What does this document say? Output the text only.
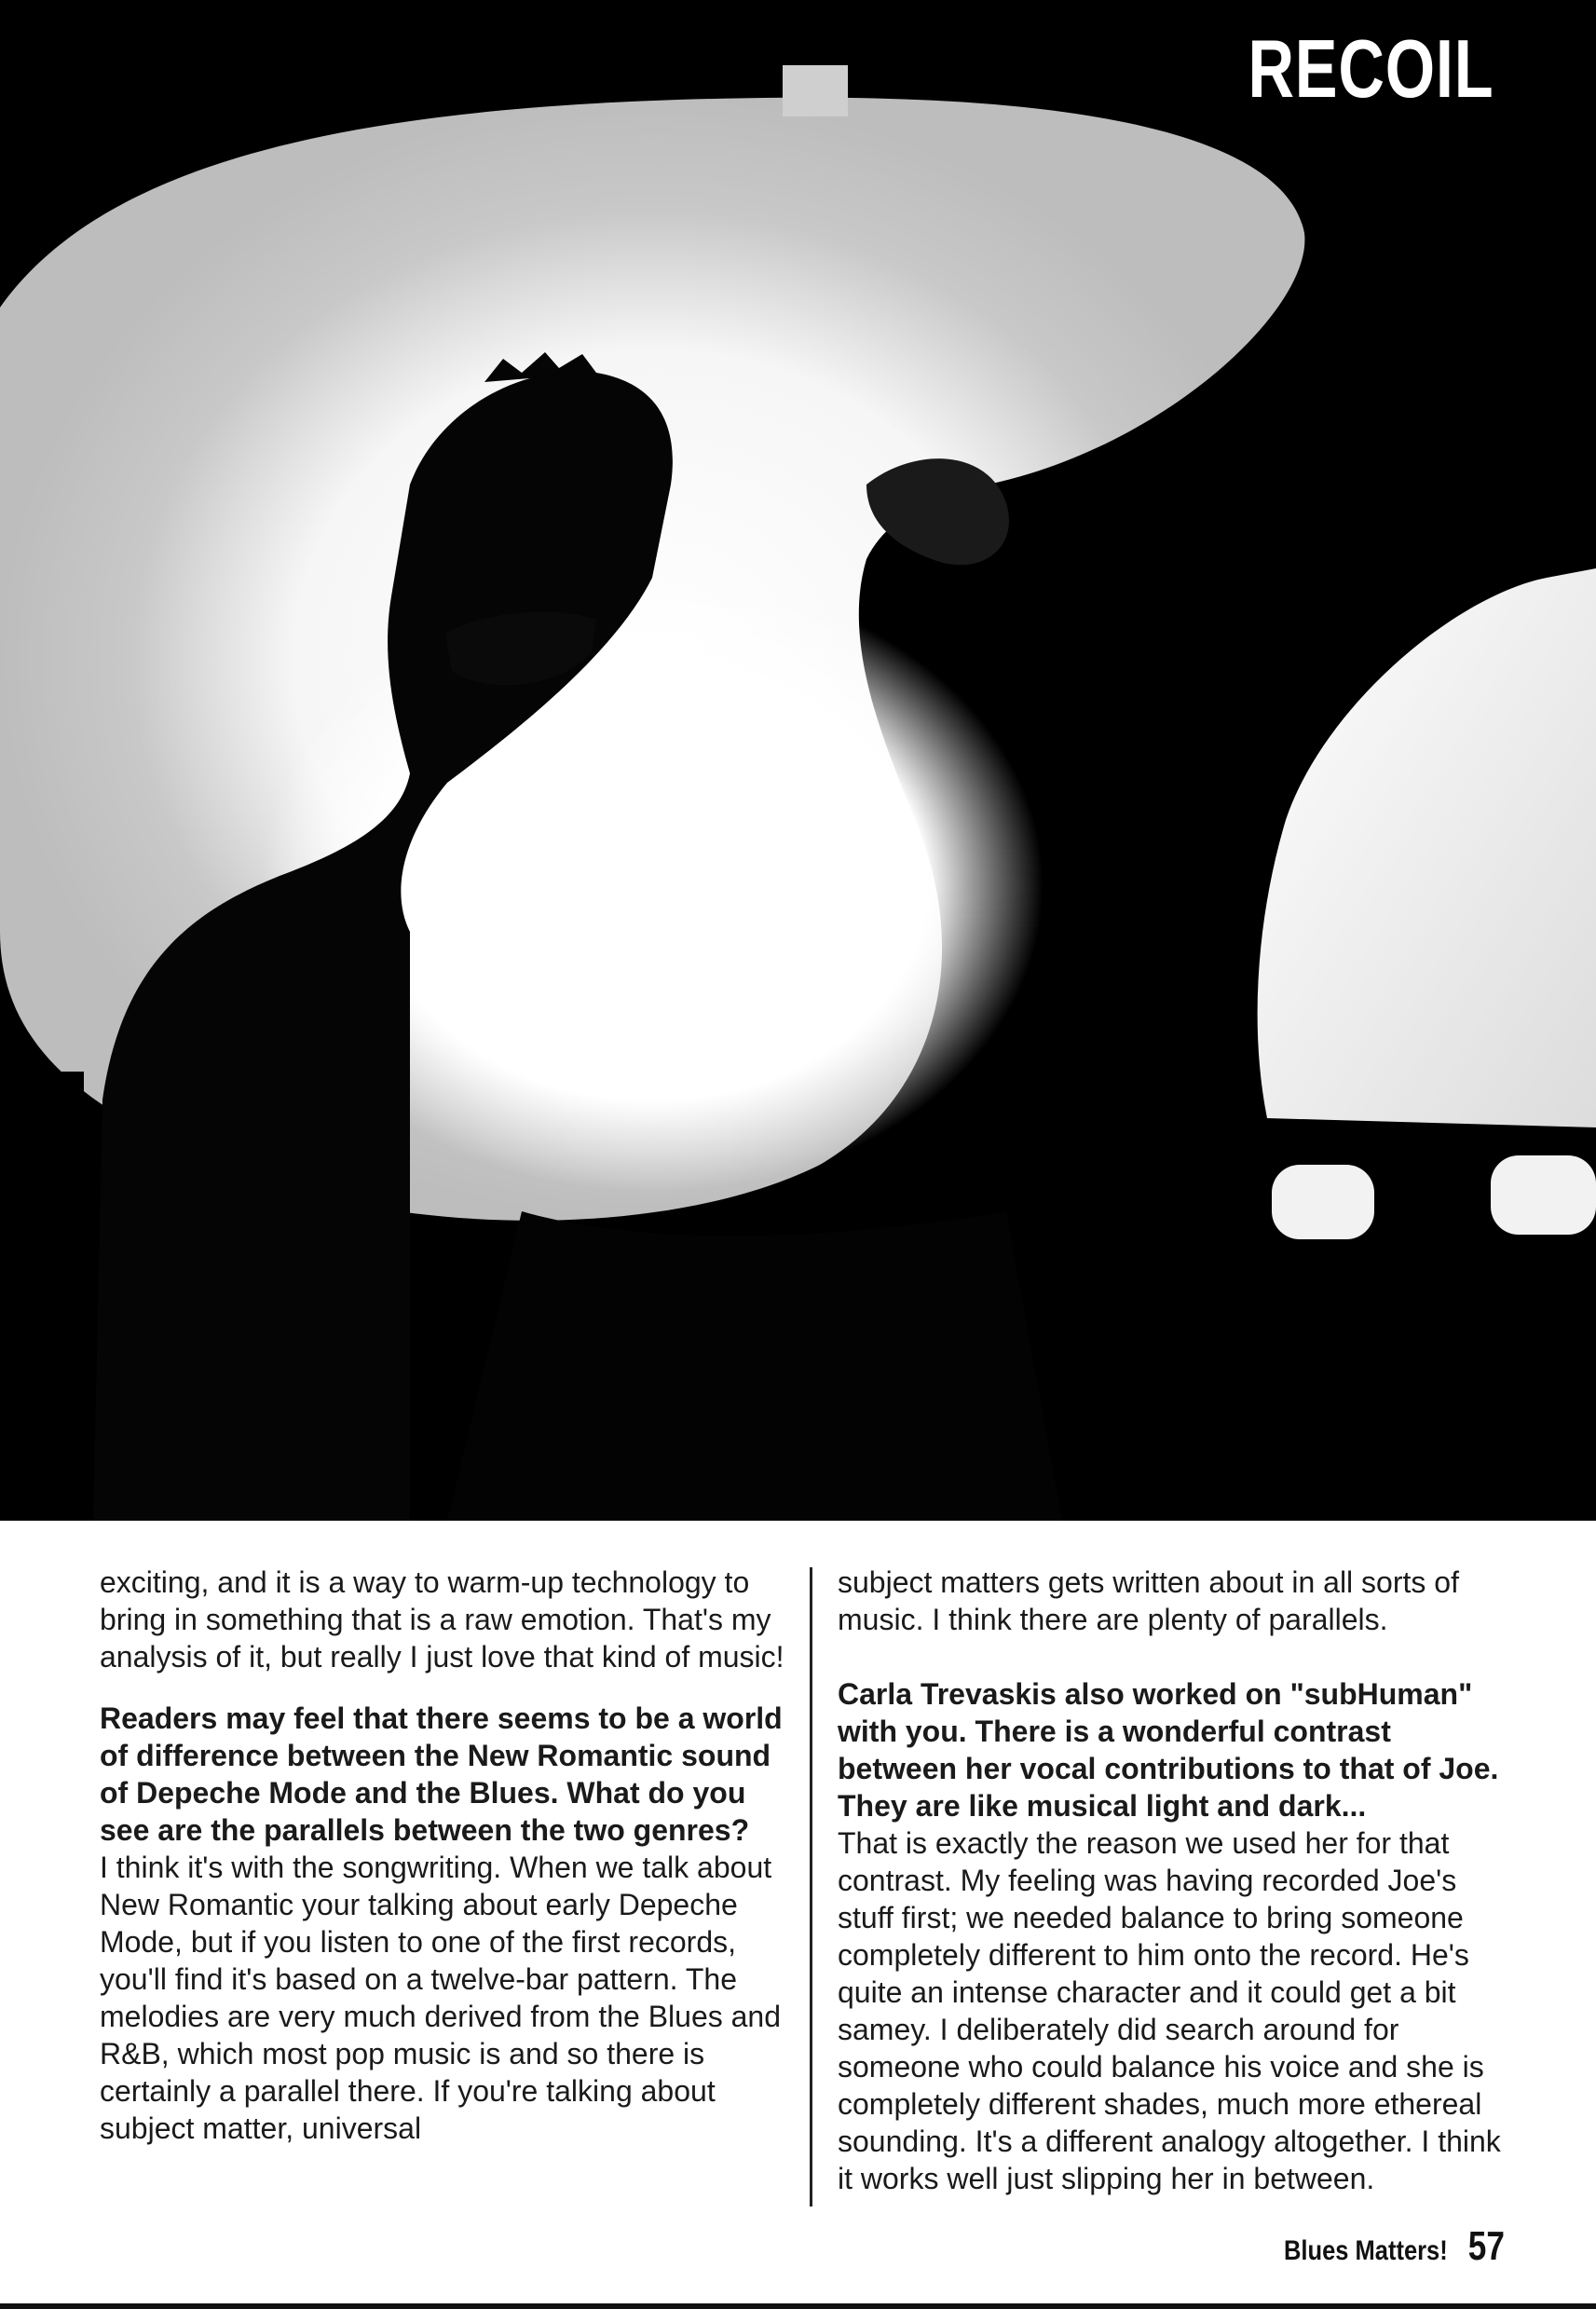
RECOIL

exciting, and it is a way to warm-up technology to bring in something that is a raw emotion. That's my analysis of it, but really I just love that kind of music!

Readers may feel that there seems to be a world of difference between the New Romantic sound of Depeche Mode and the Blues. What do you see are the parallels between the two genres?

I think it's with the songwriting. When we talk about New Romantic your talking about early Depeche Mode, but if you listen to one of the first records, you'll find it's based on a twelve-bar pattern. The melodies are very much derived from the Blues and R&B, which most pop music is and so there is certainly a parallel there. If you're talking about subject matter, universal

subject matters gets written about in all sorts of music. I think there are plenty of parallels.

Carla Trevaskis also worked on "subHuman" with you. There is a wonderful contrast between her vocal contributions to that of Joe. They are like musical light and dark...

That is exactly the reason we used her for that contrast. My feeling was having recorded Joe's stuff first; we needed balance to bring someone completely different to him onto the record. He's quite an intense character and it could get a bit samey. I deliberately did search around for someone who could balance his voice and she is completely different shades, much more ethereal sounding. It's a different analogy altogether. I think it works well just slipping her in between.

Blues Matters! 57
